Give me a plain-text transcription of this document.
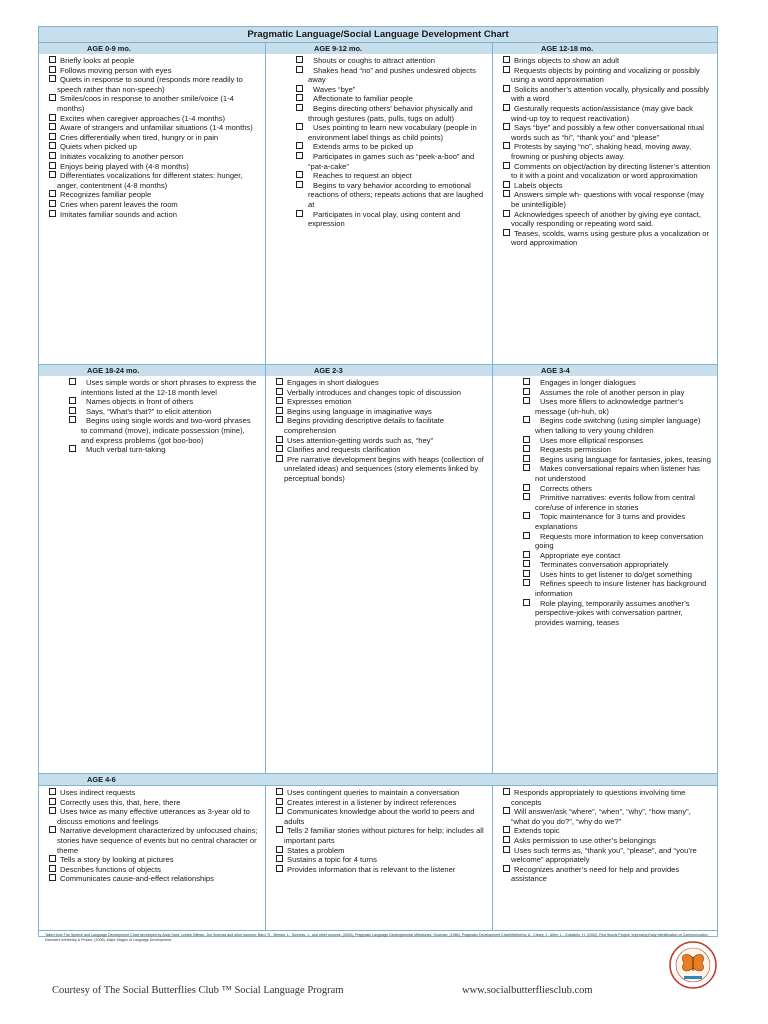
Pragmatic Language/Social Language Development Chart
AGE 0-9 mo.
Briefly looks at people
Follows moving person with eyes
Quiets in response to sound (responds more readily to speech rather than non-speech)
Smiles/coos in response to another smile/voice (1-4 months)
Excites when caregiver approaches (1-4 months)
Aware of strangers and unfamiliar situations (1-4 months)
Cries differentially when tired, hungry or in pain
Quiets when picked up
Initiates vocalizing to another person
Enjoys being played with (4-8 months)
Differentiates vocalizations for different states: hunger, anger, contentment (4-8 months)
Recognizes familiar people
Cries when parent leaves the room
Imitates familiar sounds and action
AGE 9-12 mo.
Shouts or coughs to attract attention
Shakes head “no” and pushes undesired objects away
Waves “bye”
Affectionate to familiar people
Begins directing others’ behavior physically and through gestures (pats, pulls, tugs on adult)
Uses pointing to learn new vocabulary (people in environment label things as child points)
Extends arms to be picked up
Participates in games such as “peek-a-boo” and “pat-a-cake”
Reaches to request an object
Begins to vary behavior according to emotional reactions of others; repeats actions that are laughed at
Participates in vocal play, using content and expression
AGE 12-18 mo.
Brings objects to show an adult
Requests objects by pointing and vocalizing or possibly using a word approximation
Solicits another’s attention vocally, physically and possibly with a word
Gesturally requests action/assistance (may give back wind-up toy to request reactivation)
Says “bye” and possibly a few other conversational ritual words such as “hi”, “thank you” and “please”
Protests by saying “no”, shaking head, moving away, frowning or pushing objects away.
Comments on object/action by directing listener’s attention to it with a point and vocalization or word approximation
Labels objects
Answers simple wh- questions with vocal response (may be unintelligible)
Acknowledges speech of another by giving eye contact, vocally responding or repeating word said.
Teases, scolds, warns using gesture plus a vocalization or word approximation
AGE 18-24 mo.
Uses simple words or short phrases to express the intentions listed at the 12-18 month level
Names objects in front of others
Says, “What’s that?” to elicit attention
Begins using single words and two-word phrases to command (move), indicate possession (mine), and express problems (got boo-boo)
Much verbal turn-taking
AGE 2-3
Engages in short dialogues
Verbally introduces and changes topic of discussion
Expresses emotion
Begins using language in imaginative ways
Begins providing descriptive details to facilitate comprehension
Uses attention-getting words such as, “hey”
Clarifies and requests clarification
Pre narrative development begins with heaps (collection of unrelated ideas) and sequences (story elements linked by perceptual bonds)
AGE 3-4
Engages in longer dialogues
Assumes the role of another person in play
Uses more fillers to acknowledge partner’s message (uh-huh, ok)
Begins code switching (using simpler language) when talking to very young children
Uses more elliptical responses
Requests permission
Begins using language for fantasies, jokes, teasing
Makes conversational repairs when listener has not understood
Corrects others
Primitive narratives: events follow from central core/use of inference in stories
Topic maintenance for 3 turns and provides explanations
Requests more information to keep conversation going
Appropriate eye contact
Terminates conversation appropriately
Uses hints to get listener to do/get something
Refines speech to insure listener has background information
Role playing, temporarily assumes another’s perspective-jokes with conversation partner, provides warning, teases
AGE 4-6
Uses indirect requests
Correctly uses this, that, here, there
Uses twice as many effective utterances as 3-year old to discuss emotions and feelings
Narrative development characterized by unfocused chains; stories have sequence of events but no central character or theme
Tells a story by looking at pictures
Describes functions of objects
Communicates cause-and-effect relationships
Uses contingent queries to maintain a conversation
Creates interest in a listener by indirect references
Communicates knowledge about the world to peers and adults
Tells 2 familiar stories without pictures for help; includes all important parts
States a problem
Sustains a topic for 4 turns
Provides information that is relevant to the listener
Responds appropriately to questions involving time concepts
Will answer/ask “where”, “when”, “why”, “how many”, “what do you do?”, “why do we?”
Extends topic
Asks permission to use other’s belongings
Uses such terms as, “thank you”, “please”, and “you’re welcome” appropriately
Recognizes another’s need for help and provides assistance
Taken from The Speech and Language Development Chart developed by Addy Sard, Leslea Sillman, Jim Suemas and other sources: Bard, R., Sillman, L., Suemas, J., and other sources. (2000). Pragmatic Language Developmental Milestones. Shulman, (1986). Pragmatic Development Chart/Wetherby, A., Cleary, J., Allen, L., Goldstein, H. (2002). First Words Project: Improving Early Identification of Communication Disorders Wetherby & Prizant, (2008). Major Stages of Language Development.
Courtesy of The Social Butterflies Club ™ Social Language Program	www.socialbutterfliesclub.com
